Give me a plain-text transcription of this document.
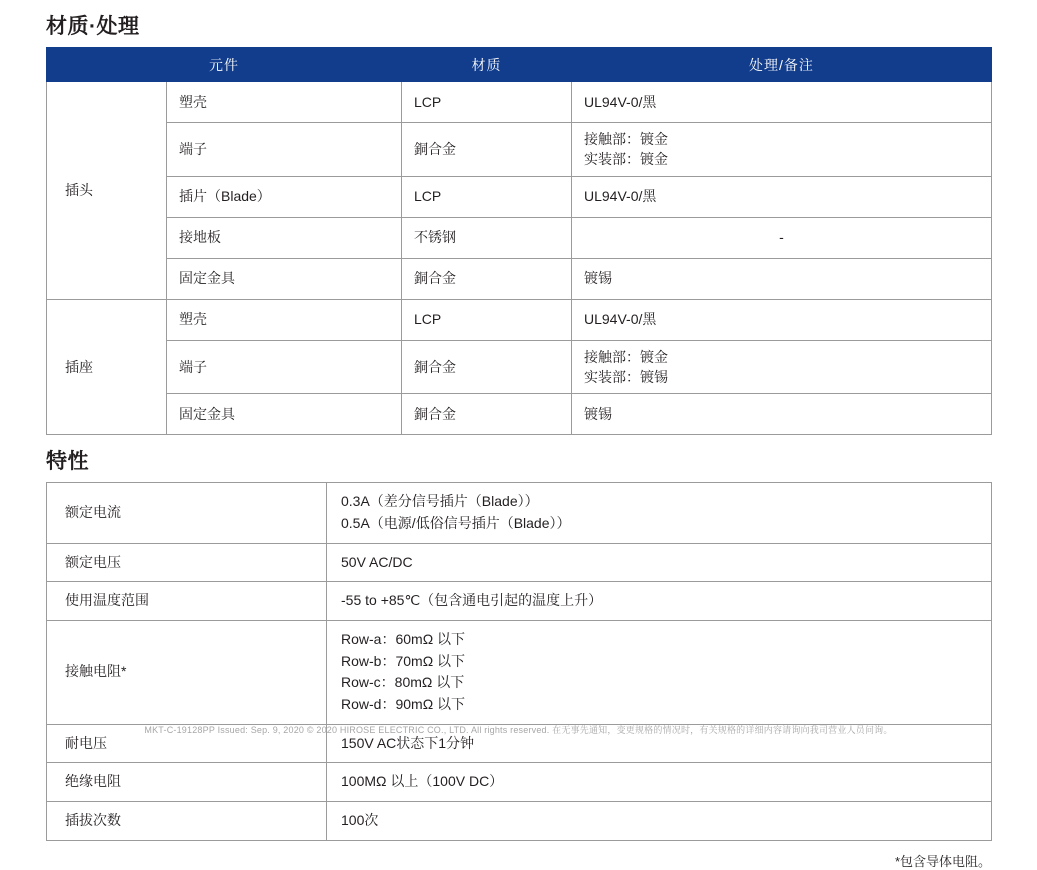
材质·处理
元件		材质	处理/备注
插头	塑壳	LCP	UL94V-0/黑
	端子	銅合金	接触部：镀金
实装部：镀金
	插片（Blade）	LCP	UL94V-0/黑
	接地板	不锈钢	-
	固定金具	銅合金	镀锡
插座	塑壳	LCP	UL94V-0/黑
	端子	銅合金	接触部：镀金
实装部：镀锡
	固定金具	銅合金	镀锡
特性
额定电流	0.3A（差分信号插片（Blade））
0.5A（电源/低俗信号插片（Blade））
额定电压	50V AC/DC
使用温度范围	-55 to +85℃（包含通电引起的温度上升）
接触电阻*	Row-a：60mΩ 以下
Row-b：70mΩ 以下
Row-c：80mΩ 以下
Row-d：90mΩ 以下
耐电压	150V AC状态下1分钟
绝缘电阻	100MΩ 以上（100V DC）
插拔次数	100次
*包含导体电阻。
MKT-C-19128PP Issued: Sep. 9, 2020 © 2020 HIROSE ELECTRIC CO., LTD. All rights reserved. 在无事先通知，变更规格的情况时，有关规格的详细内容请询向我司营业人员问询。
